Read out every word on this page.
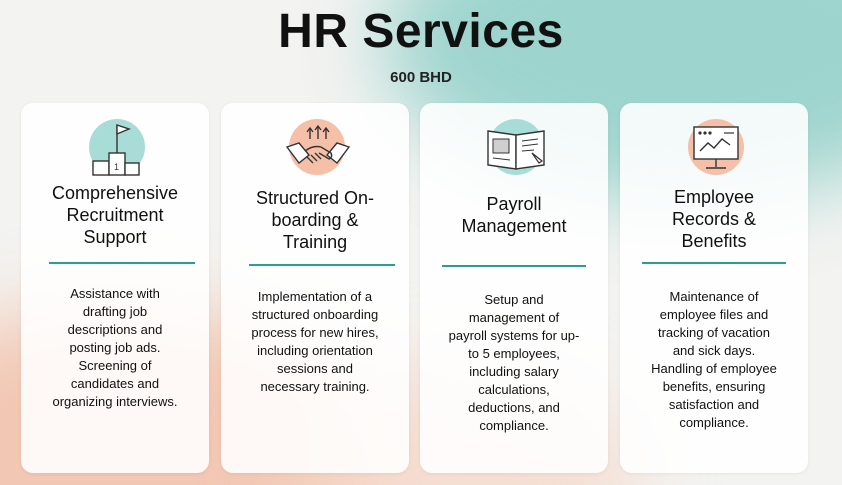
HR Services
600 BHD
1
Comprehensive
Recruitment
Support
Assistance with
drafting job
descriptions and
posting job ads.
Screening of
candidates and
organizing interviews.
Structured On-
boarding &
Training
Implementation of a
structured onboarding
process for new hires,
including orientation
sessions and
necessary training.
Payroll
Management
Setup and
management of
payroll systems for up-
to 5 employees,
including salary
calculations,
deductions, and
compliance.
Employee
Records &
Benefits
Maintenance of
employee files and
tracking of vacation
and sick days.
Handling of employee
benefits, ensuring
satisfaction and
compliance.
